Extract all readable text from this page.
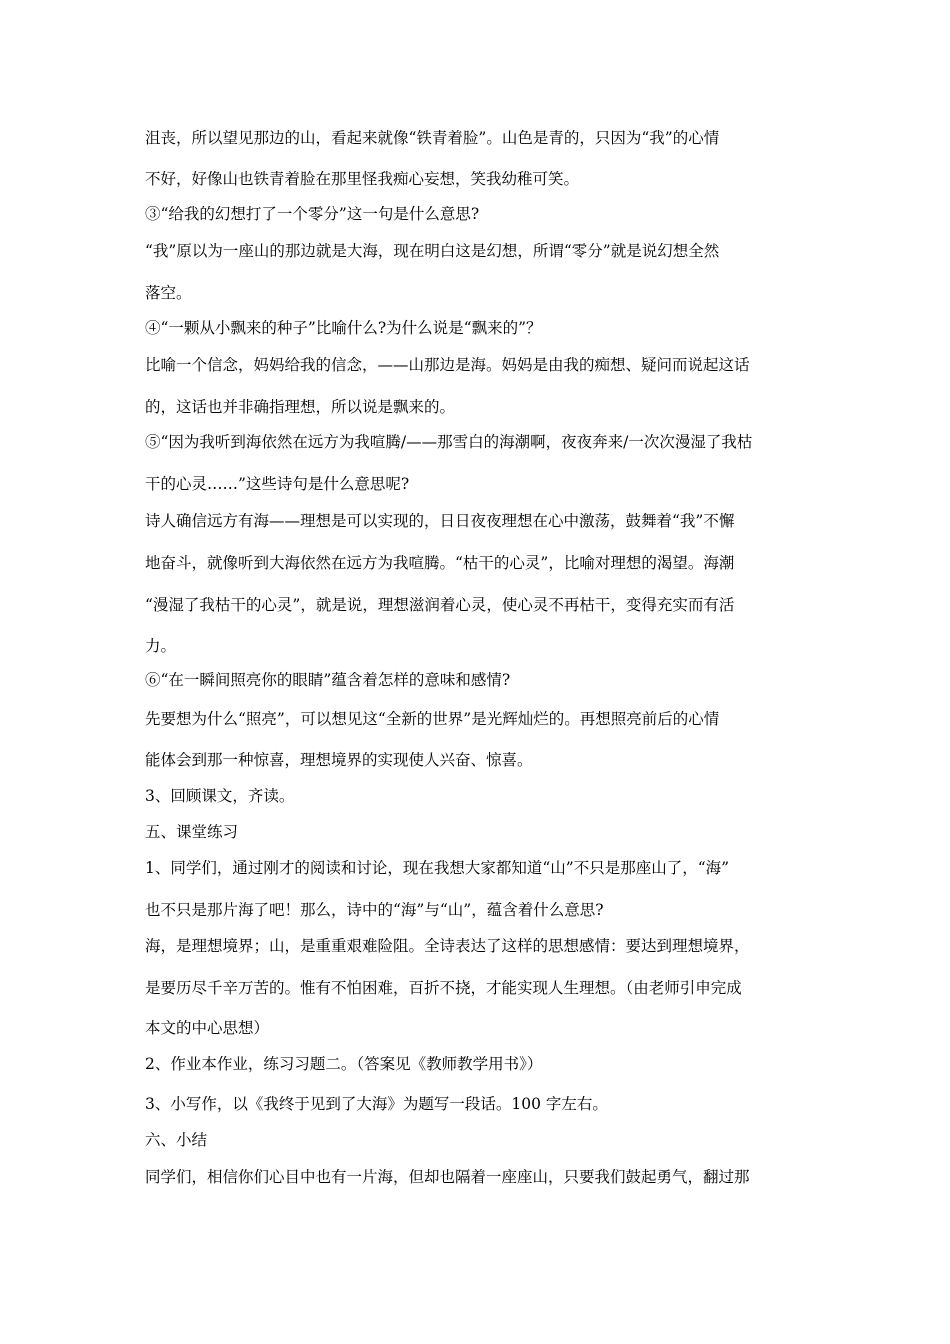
沮丧，所以望见那边的山，看起来就像“铁青着脸”。山色是青的，只因为“我”的心情
不好，好像山也铁青着脸在那里怪我痴心妄想，笑我幼稚可笑。
③“给我的幻想打了一个零分”这一句是什么意思?
“我”原以为一座山的那边就是大海，现在明白这是幻想，所谓“零分”就是说幻想全然
落空。
④“一颗从小飘来的种子”比喻什么?为什么说是“飘来的”？
比喻一个信念，妈妈给我的信念，——山那边是海。妈妈是由我的痴想、疑问而说起这话
的，这话也并非确指理想，所以说是飘来的。
⑤“因为我听到海依然在远方为我喧腾/——那雪白的海潮啊，夜夜奔来/一次次漫湿了我枯
干的心灵……”这些诗句是什么意思呢?
诗人确信远方有海——理想是可以实现的，日日夜夜理想在心中激荡，鼓舞着“我”不懈
地奋斗，就像听到大海依然在远方为我喧腾。“枯干的心灵”，比喻对理想的渴望。海潮
“漫湿了我枯干的心灵”，就是说，理想滋润着心灵，使心灵不再枯干，变得充实而有活
力。
⑥“在一瞬间照亮你的眼睛”蕴含着怎样的意味和感情?
先要想为什么“照亮”，可以想见这“全新的世界”是光辉灿烂的。再想照亮前后的心情
能体会到那一种惊喜，理想境界的实现使人兴奋、惊喜。
3、回顾课文，齐读。
五、课堂练习
1、同学们，通过刚才的阅读和讨论，现在我想大家都知道“山”不只是那座山了，“海”
也不只是那片海了吧！那么，诗中的“海”与“山”，蕴含着什么意思?
海，是理想境界；山，是重重艰难险阻。全诗表达了这样的思想感情：要达到理想境界，
是要历尽千辛万苦的。惟有不怕困难，百折不挠，才能实现人生理想。（由老师引申完成
本文的中心思想）
2、作业本作业，练习习题二。（答案见《教师教学用书》）
3、小写作，以《我终于见到了大海》为题写一段话。100 字左右。
六、小结
同学们，相信你们心目中也有一片海，但却也隔着一座座山，只要我们鼓起勇气，翻过那
